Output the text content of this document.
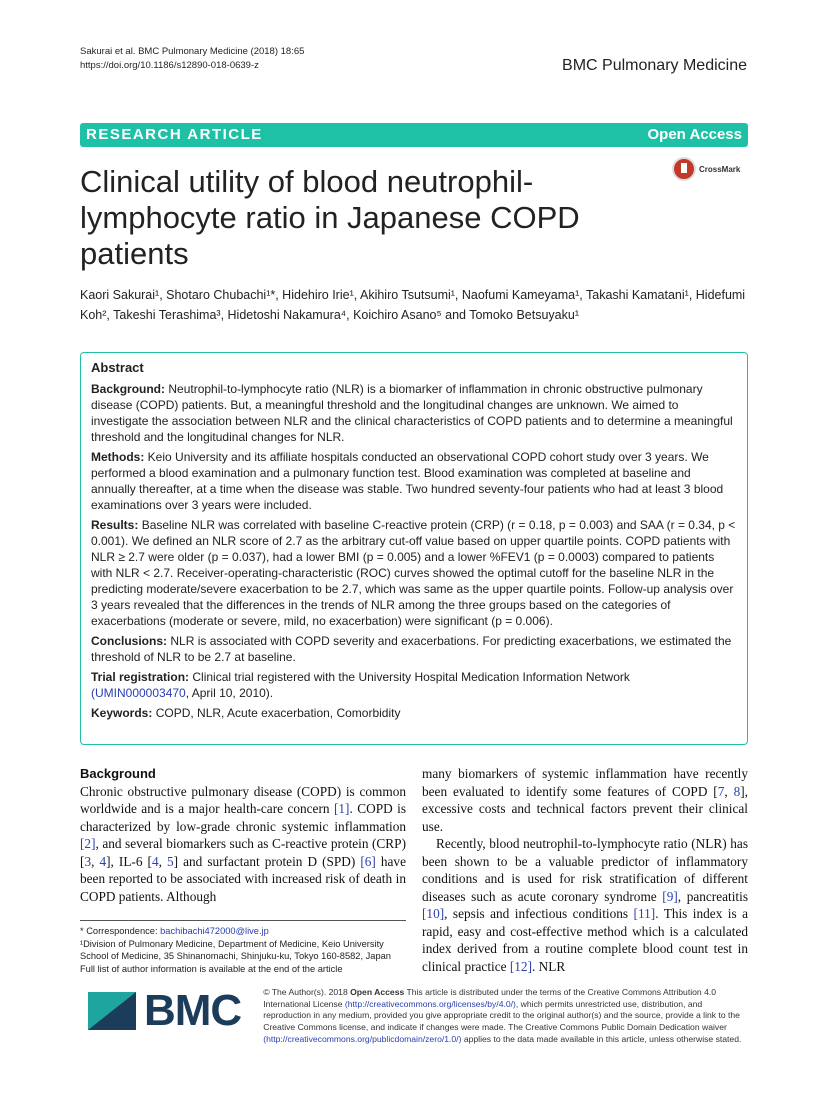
Sakurai et al. BMC Pulmonary Medicine (2018) 18:65
https://doi.org/10.1186/s12890-018-0639-z	BMC Pulmonary Medicine
RESEARCH ARTICLE	Open Access
Clinical utility of blood neutrophil-lymphocyte ratio in Japanese COPD patients
CrossMark
Kaori Sakurai¹, Shotaro Chubachi¹*, Hidehiro Irie¹, Akihiro Tsutsumi¹, Naofumi Kameyama¹, Takashi Kamatani¹, Hidefumi Koh², Takeshi Terashima³, Hidetoshi Nakamura⁴, Koichiro Asano⁵ and Tomoko Betsuyaku¹
Abstract
Background: Neutrophil-to-lymphocyte ratio (NLR) is a biomarker of inflammation in chronic obstructive pulmonary disease (COPD) patients. But, a meaningful threshold and the longitudinal changes are unknown. We aimed to investigate the association between NLR and the clinical characteristics of COPD patients and to determine a meaningful threshold and the longitudinal changes for NLR.
Methods: Keio University and its affiliate hospitals conducted an observational COPD cohort study over 3 years. We performed a blood examination and a pulmonary function test. Blood examination was completed at baseline and annually thereafter, at a time when the disease was stable. Two hundred seventy-four patients who had at least 3 blood examinations over 3 years were included.
Results: Baseline NLR was correlated with baseline C-reactive protein (CRP) (r = 0.18, p = 0.003) and SAA (r = 0.34, p < 0.001). We defined an NLR score of 2.7 as the arbitrary cut-off value based on upper quartile points. COPD patients with NLR ≥ 2.7 were older (p = 0.037), had a lower BMI (p = 0.005) and a lower %FEV1 (p = 0.0003) compared to patients with NLR < 2.7. Receiver-operating-characteristic (ROC) curves showed the optimal cutoff for the baseline NLR in the predicting moderate/severe exacerbation to be 2.7, which was same as the upper quartile points. Follow-up analysis over 3 years revealed that the differences in the trends of NLR among the three groups based on the categories of exacerbations (moderate or severe, mild, no exacerbation) were significant (p = 0.006).
Conclusions: NLR is associated with COPD severity and exacerbations. For predicting exacerbations, we estimated the threshold of NLR to be 2.7 at baseline.
Trial registration: Clinical trial registered with the University Hospital Medication Information Network
(UMIN000003470, April 10, 2010).
Keywords: COPD, NLR, Acute exacerbation, Comorbidity
Background

Chronic obstructive pulmonary disease (COPD) is common worldwide and is a major health-care concern [1]. COPD is characterized by low-grade chronic systemic inflammation [2], and several biomarkers such as C-reactive protein (CRP) [3, 4], IL-6 [4, 5] and surfactant protein D (SPD) [6] have been reported to be associated with increased risk of death in COPD patients. Although

* Correspondence: bachibachi472000@live.jp
¹Division of Pulmonary Medicine, Department of Medicine, Keio University School of Medicine, 35 Shinanomachi, Shinjuku-ku, Tokyo 160-8582, Japan
Full list of author information is available at the end of the article

many biomarkers of systemic inflammation have recently been evaluated to identify some features of COPD [7, 8], excessive costs and technical factors prevent their clinical use.

Recently, blood neutrophil-to-lymphocyte ratio (NLR) has been shown to be a valuable predictor of inflammatory conditions and is used for risk stratification of different diseases such as acute coronary syndrome [9], pancreatitis [10], sepsis and infectious conditions [11]. This index is a rapid, easy and cost-effective method which is a calculated index derived from a routine complete blood count test in clinical practice [12]. NLR

BMC	© The Author(s). 2018 Open Access This article is distributed under the terms of the Creative Commons Attribution 4.0 International License (http://creativecommons.org/licenses/by/4.0/), which permits unrestricted use, distribution, and reproduction in any medium, provided you give appropriate credit to the original author(s) and the source, provide a link to the Creative Commons license, and indicate if changes were made. The Creative Commons Public Domain Dedication waiver (http://creativecommons.org/publicdomain/zero/1.0/) applies to the data made available in this article, unless otherwise stated.
